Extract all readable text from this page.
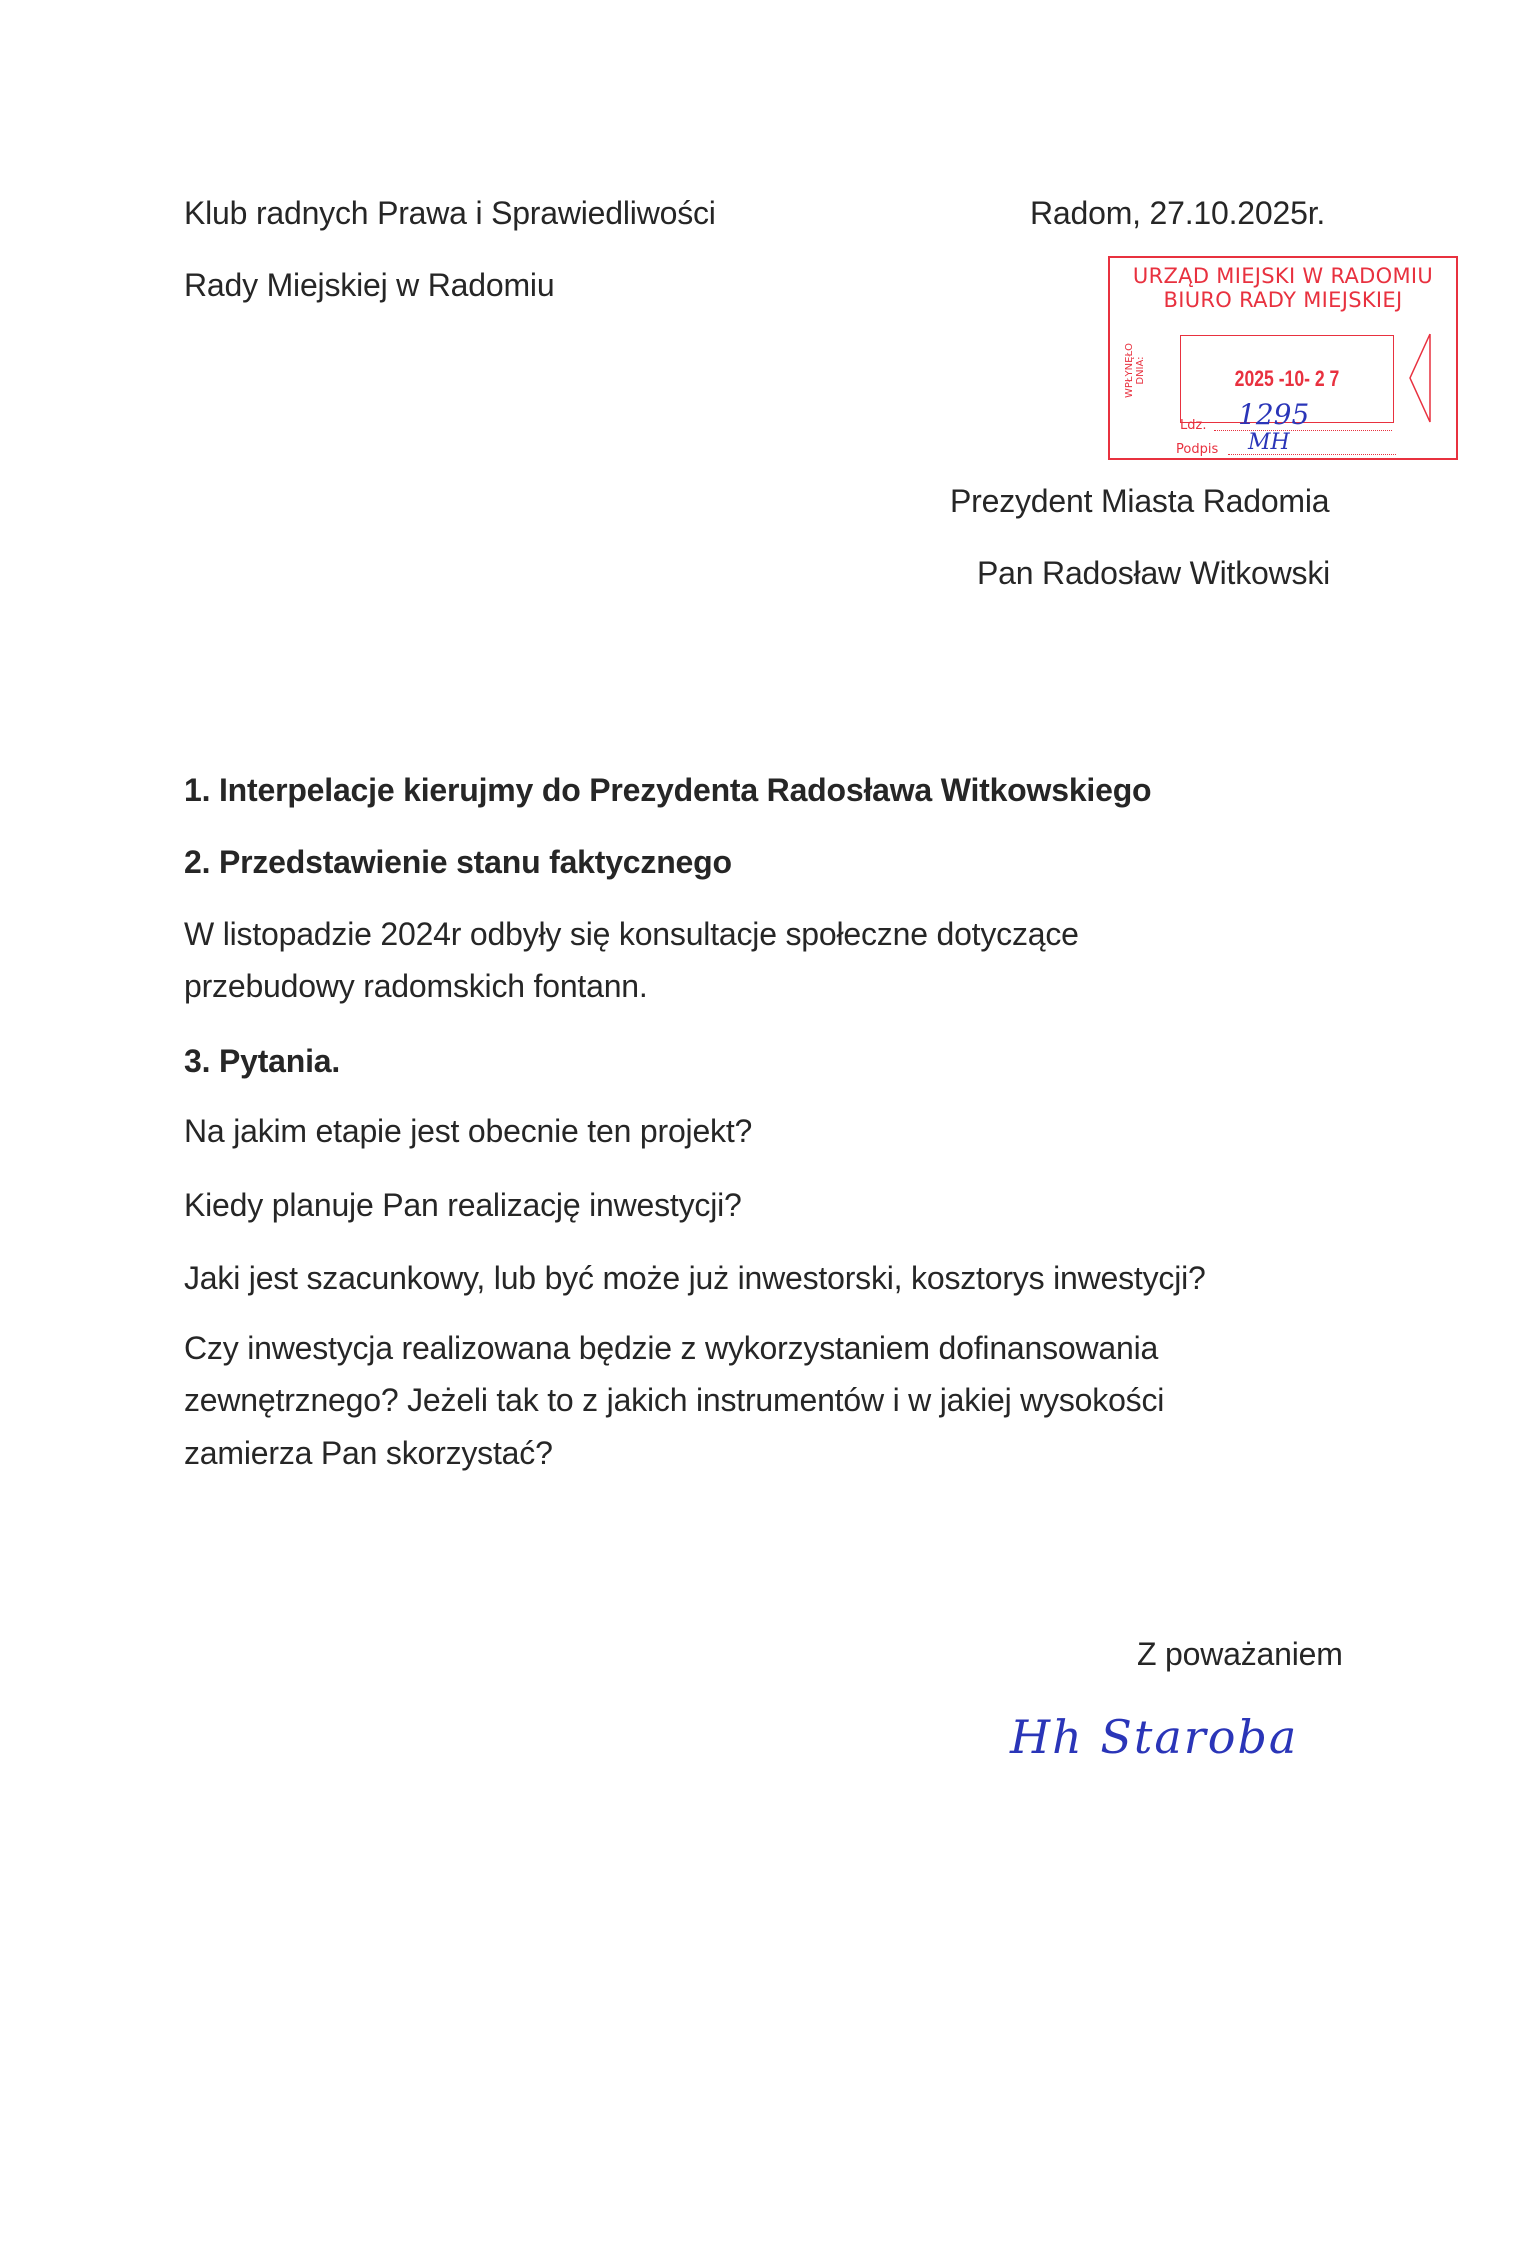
Klub radnych Prawa i Sprawiedliwości
Rady Miejskiej w Radomiu
Radom, 27.10.2025r.
URZĄD MIEJSKI W RADOMIU
BIURO RADY MIEJSKIEJ
WPŁYNĘŁO DNIA:	2025 -10- 2 7
Ldz.
Podpis
1295
MH
Prezydent Miasta Radomia
Pan Radosław Witkowski
1. Interpelacje kierujmy do Prezydenta Radosława Witkowskiego
2. Przedstawienie stanu faktycznego
W listopadzie 2024r odbyły się konsultacje społeczne dotyczące
przebudowy radomskich fontann.
3. Pytania.
Na jakim etapie jest obecnie ten projekt?
Kiedy planuje Pan realizację inwestycji?
Jaki jest szacunkowy, lub być może już inwestorski, kosztorys inwestycji?
Czy inwestycja realizowana będzie z wykorzystaniem dofinansowania
zewnętrznego? Jeżeli tak to z jakich instrumentów i w jakiej wysokości
zamierza Pan skorzystać?
Z poważaniem
Hh Staroba
